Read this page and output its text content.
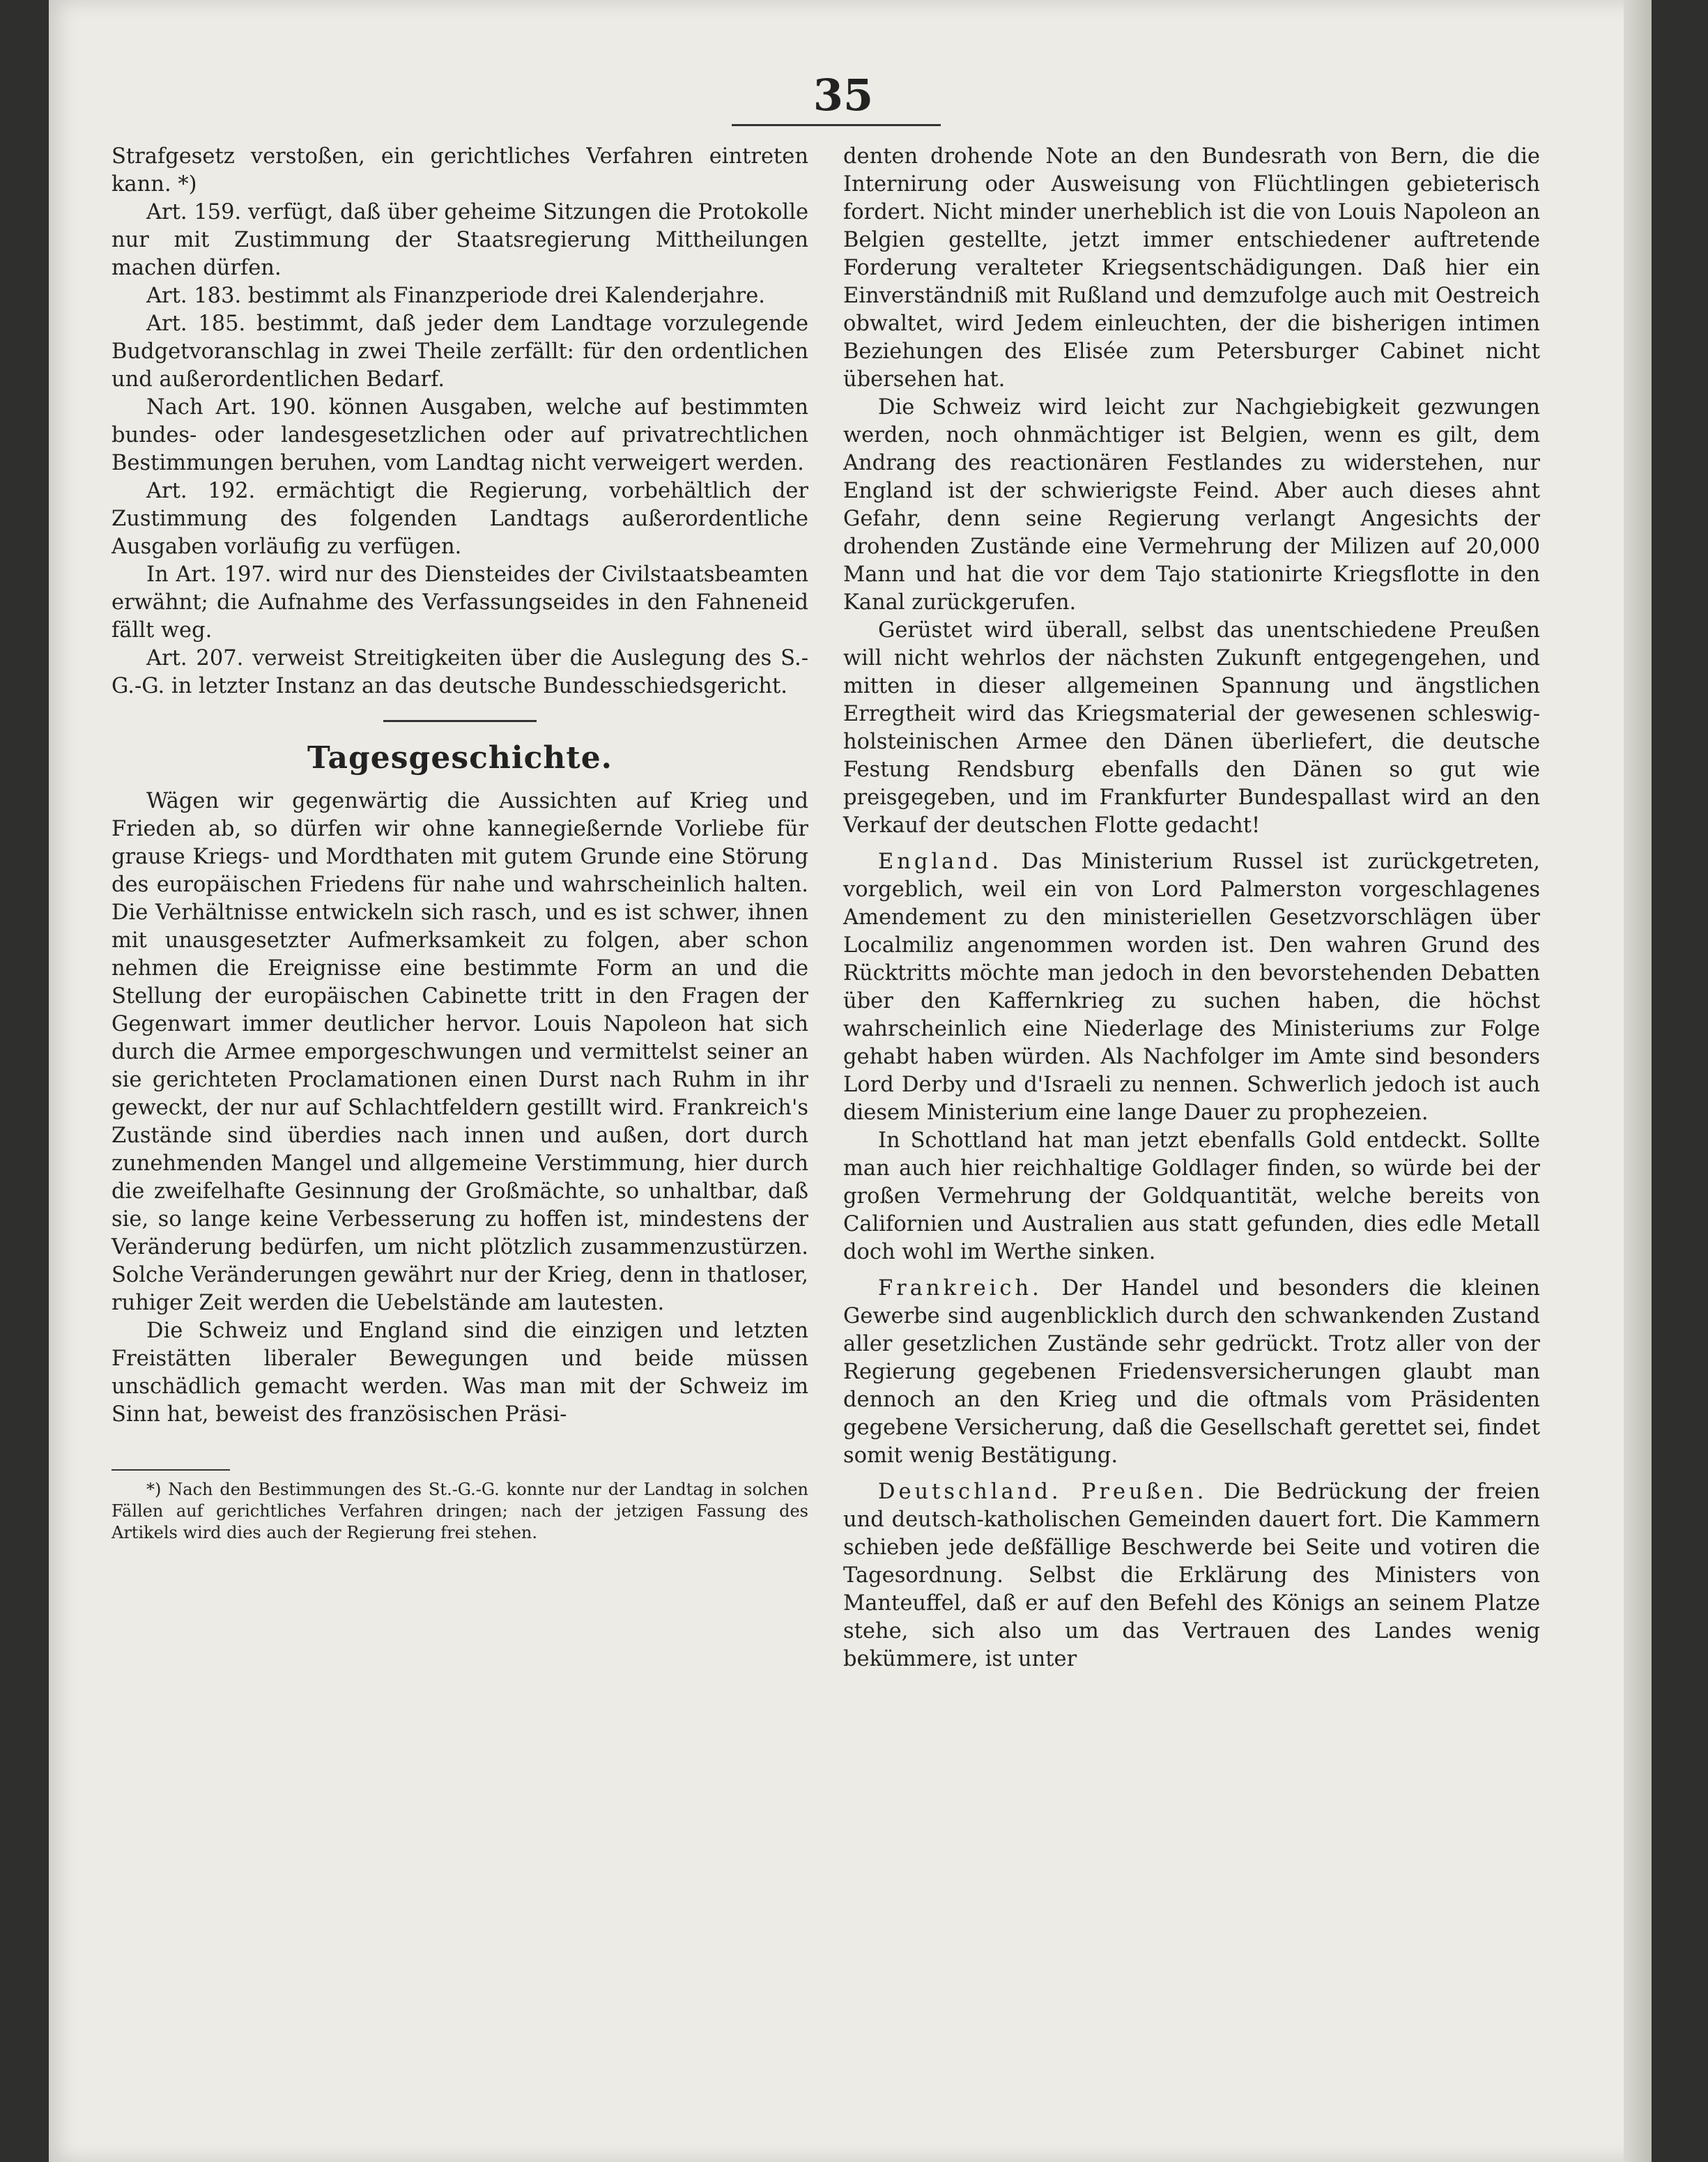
35

Strafgesetz verstoßen, ein gerichtliches Verfahren eintreten kann. *)

Art. 159. verfügt, daß über geheime Sitzungen die Protokolle nur mit Zustimmung der Staatsregierung Mittheilungen machen dürfen.

Art. 183. bestimmt als Finanzperiode drei Kalenderjahre.

Art. 185. bestimmt, daß jeder dem Landtage vorzulegende Budgetvoranschlag in zwei Theile zerfällt: für den ordentlichen und außerordentlichen Bedarf.

Nach Art. 190. können Ausgaben, welche auf bestimmten bundes- oder landesgesetzlichen oder auf privatrechtlichen Bestimmungen beruhen, vom Landtag nicht verweigert werden.

Art. 192. ermächtigt die Regierung, vorbehältlich der Zustimmung des folgenden Landtags außerordentliche Ausgaben vorläufig zu verfügen.

In Art. 197. wird nur des Diensteides der Civilstaatsbeamten erwähnt; die Aufnahme des Verfassungseides in den Fahneneid fällt weg.

Art. 207. verweist Streitigkeiten über die Auslegung des S.-G.-G. in letzter Instanz an das deutsche Bundesschiedsgericht.

Tagesgeschichte.

Wägen wir gegenwärtig die Aussichten auf Krieg und Frieden ab, so dürfen wir ohne kannegießernde Vorliebe für grause Kriegs- und Mordthaten mit gutem Grunde eine Störung des europäischen Friedens für nahe und wahrscheinlich halten. Die Verhältnisse entwickeln sich rasch, und es ist schwer, ihnen mit unausgesetzter Aufmerksamkeit zu folgen, aber schon nehmen die Ereignisse eine bestimmte Form an und die Stellung der europäischen Cabinette tritt in den Fragen der Gegenwart immer deutlicher hervor. Louis Napoleon hat sich durch die Armee emporgeschwungen und vermittelst seiner an sie gerichteten Proclamationen einen Durst nach Ruhm in ihr geweckt, der nur auf Schlachtfeldern gestillt wird. Frankreich's Zustände sind überdies nach innen und außen, dort durch zunehmenden Mangel und allgemeine Verstimmung, hier durch die zweifelhafte Gesinnung der Großmächte, so unhaltbar, daß sie, so lange keine Verbesserung zu hoffen ist, mindestens der Veränderung bedürfen, um nicht plötzlich zusammenzustürzen. Solche Veränderungen gewährt nur der Krieg, denn in thatloser, ruhiger Zeit werden die Uebelstände am lautesten.

Die Schweiz und England sind die einzigen und letzten Freistätten liberaler Bewegungen und beide müssen unschädlich gemacht werden. Was man mit der Schweiz im Sinn hat, beweist des französischen Präsi-

*) Nach den Bestimmungen des St.-G.-G. konnte nur der Landtag in solchen Fällen auf gerichtliches Verfahren dringen; nach der jetzigen Fassung des Artikels wird dies auch der Regierung frei stehen.

denten drohende Note an den Bundesrath von Bern, die die Internirung oder Ausweisung von Flüchtlingen gebieterisch fordert. Nicht minder unerheblich ist die von Louis Napoleon an Belgien gestellte, jetzt immer entschiedener auftretende Forderung veralteter Kriegsentschädigungen. Daß hier ein Einverständniß mit Rußland und demzufolge auch mit Oestreich obwaltet, wird Jedem einleuchten, der die bisherigen intimen Beziehungen des Elisée zum Petersburger Cabinet nicht übersehen hat.

Die Schweiz wird leicht zur Nachgiebigkeit gezwungen werden, noch ohnmächtiger ist Belgien, wenn es gilt, dem Andrang des reactionären Festlandes zu widerstehen, nur England ist der schwierigste Feind. Aber auch dieses ahnt Gefahr, denn seine Regierung verlangt Angesichts der drohenden Zustände eine Vermehrung der Milizen auf 20,000 Mann und hat die vor dem Tajo stationirte Kriegsflotte in den Kanal zurückgerufen.

Gerüstet wird überall, selbst das unentschiedene Preußen will nicht wehrlos der nächsten Zukunft entgegengehen, und mitten in dieser allgemeinen Spannung und ängstlichen Erregtheit wird das Kriegsmaterial der gewesenen schleswig-holsteinischen Armee den Dänen überliefert, die deutsche Festung Rendsburg ebenfalls den Dänen so gut wie preisgegeben, und im Frankfurter Bundespallast wird an den Verkauf der deutschen Flotte gedacht!

England. Das Ministerium Russel ist zurückgetreten, vorgeblich, weil ein von Lord Palmerston vorgeschlagenes Amendement zu den ministeriellen Gesetzvorschlägen über Localmiliz angenommen worden ist. Den wahren Grund des Rücktritts möchte man jedoch in den bevorstehenden Debatten über den Kaffernkrieg zu suchen haben, die höchst wahrscheinlich eine Niederlage des Ministeriums zur Folge gehabt haben würden. Als Nachfolger im Amte sind besonders Lord Derby und d'Israeli zu nennen. Schwerlich jedoch ist auch diesem Ministerium eine lange Dauer zu prophezeien.

In Schottland hat man jetzt ebenfalls Gold entdeckt. Sollte man auch hier reichhaltige Goldlager finden, so würde bei der großen Vermehrung der Goldquantität, welche bereits von Californien und Australien aus statt gefunden, dies edle Metall doch wohl im Werthe sinken.

Frankreich. Der Handel und besonders die kleinen Gewerbe sind augenblicklich durch den schwankenden Zustand aller gesetzlichen Zustände sehr gedrückt. Trotz aller von der Regierung gegebenen Friedensversicherungen glaubt man dennoch an den Krieg und die oftmals vom Präsidenten gegebene Versicherung, daß die Gesellschaft gerettet sei, findet somit wenig Bestätigung.

Deutschland. Preußen. Die Bedrückung der freien und deutsch-katholischen Gemeinden dauert fort. Die Kammern schieben jede deßfällige Beschwerde bei Seite und votiren die Tagesordnung. Selbst die Erklärung des Ministers von Manteuffel, daß er auf den Befehl des Königs an seinem Platze stehe, sich also um das Vertrauen des Landes wenig bekümmere, ist unter
